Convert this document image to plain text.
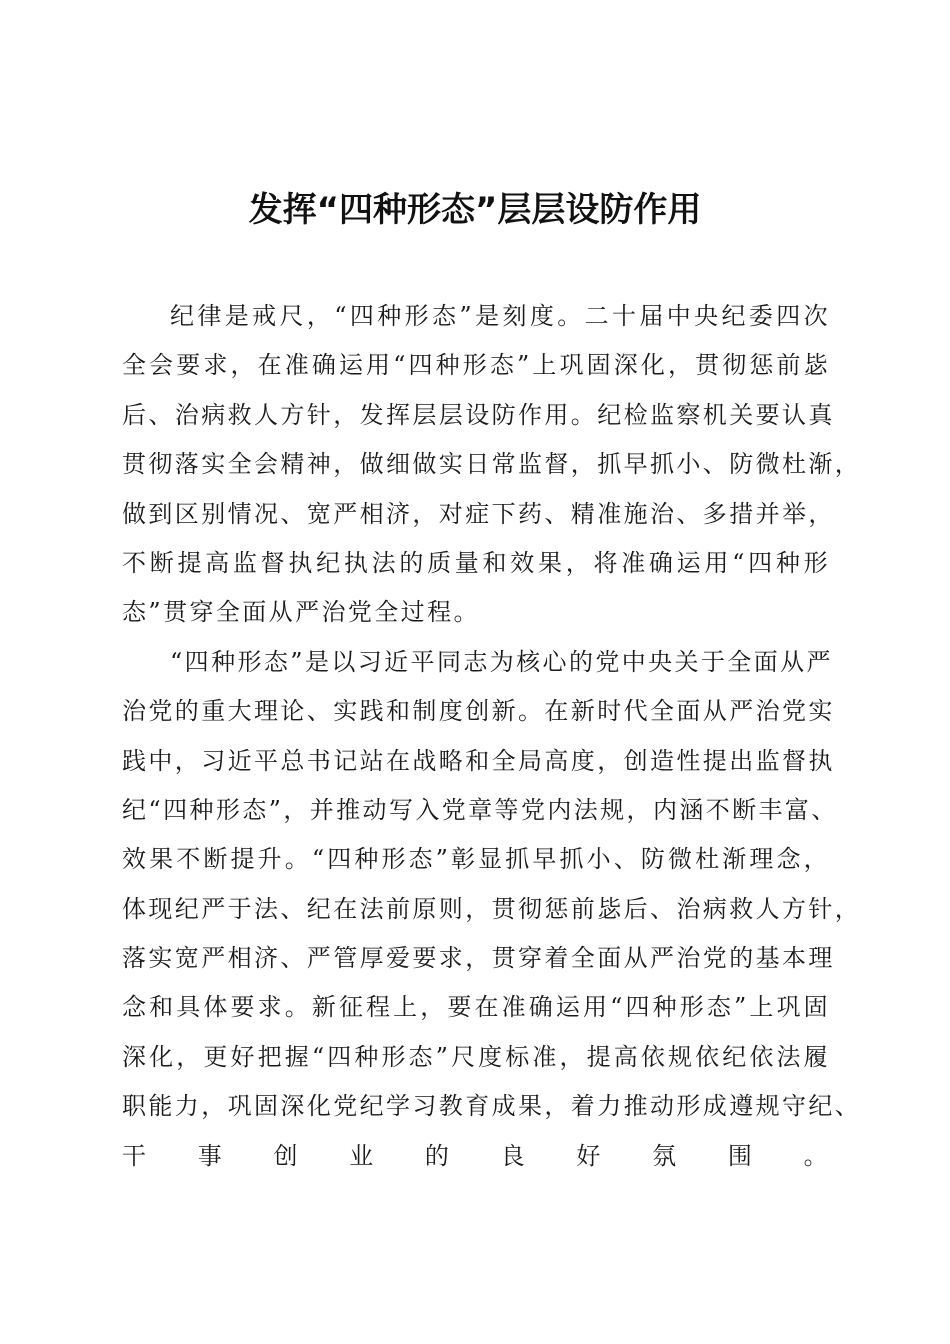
发挥“四种形态”层层设防作用
纪律是戒尺，“四种形态”是刻度。二十届中央纪委四次
全会要求，在准确运用“四种形态”上巩固深化，贯彻惩前毖
后、治病救人方针，发挥层层设防作用。纪检监察机关要认真
贯彻落实全会精神，做细做实日常监督，抓早抓小、防微杜渐，
做到区别情况、宽严相济，对症下药、精准施治、多措并举，
不断提高监督执纪执法的质量和效果，将准确运用“四种形
态”贯穿全面从严治党全过程。
“四种形态”是以习近平同志为核心的党中央关于全面从严
治党的重大理论、实践和制度创新。在新时代全面从严治党实
践中，习近平总书记站在战略和全局高度，创造性提出监督执
纪“四种形态”，并推动写入党章等党内法规，内涵不断丰富、
效果不断提升。“四种形态”彰显抓早抓小、防微杜渐理念，
体现纪严于法、纪在法前原则，贯彻惩前毖后、治病救人方针，
落实宽严相济、严管厚爱要求，贯穿着全面从严治党的基本理
念和具体要求。新征程上，要在准确运用“四种形态”上巩固
深化，更好把握“四种形态”尺度标准，提高依规依纪依法履
职能力，巩固深化党纪学习教育成果，着力推动形成遵规守纪、
干事创业的良好氛围。
